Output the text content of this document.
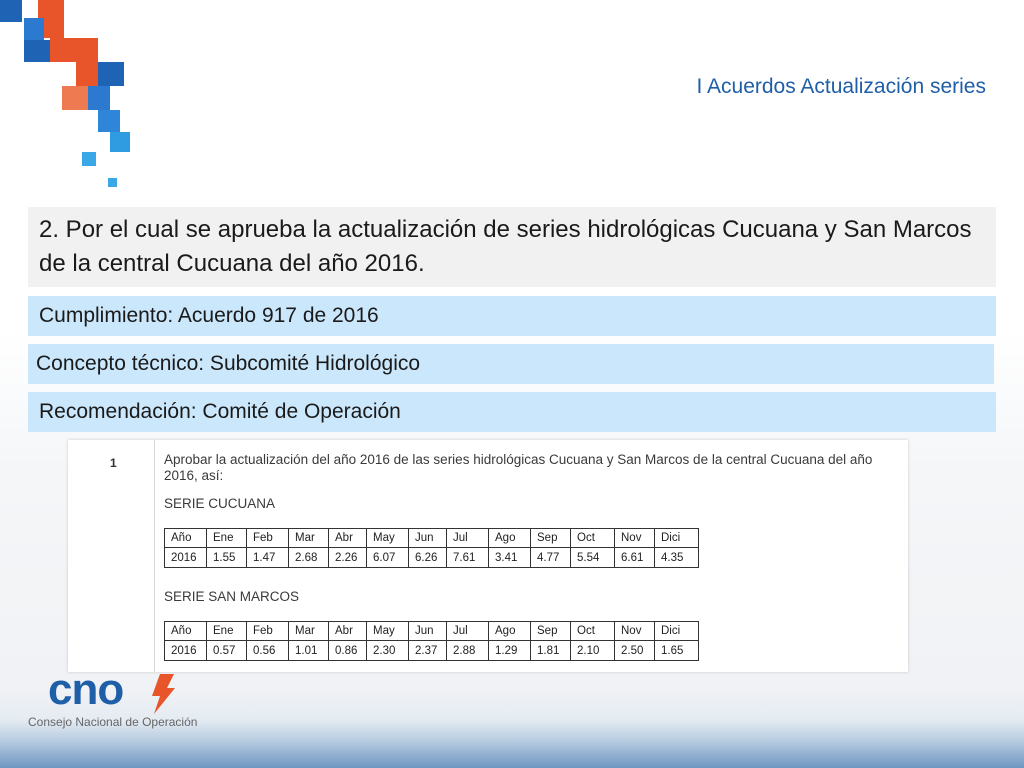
I Acuerdos Actualización series
2. Por el cual se aprueba la actualización de series hidrológicas Cucuana y San Marcos de la central Cucuana del año 2016.
Cumplimiento: Acuerdo 917 de 2016
Concepto técnico: Subcomité Hidrológico
Recomendación: Comité de Operación
1	Aprobar la actualización del año 2016 de las series hidrológicas Cucuana y San Marcos de la central Cucuana del año 2016, así:
SERIE CUCUANA
Año	Ene	Feb	Mar	Abr	May	Jun	Jul	Ago	Sep	Oct	Nov	Dici
2016	1.55	1.47	2.68	2.26	6.07	6.26	7.61	3.41	4.77	5.54	6.61	4.35
SERIE SAN MARCOS
Año	Ene	Feb	Mar	Abr	May	Jun	Jul	Ago	Sep	Oct	Nov	Dici
2016	0.57	0.56	1.01	0.86	2.30	2.37	2.88	1.29	1.81	2.10	2.50	1.65
cno
Consejo Nacional de Operación
